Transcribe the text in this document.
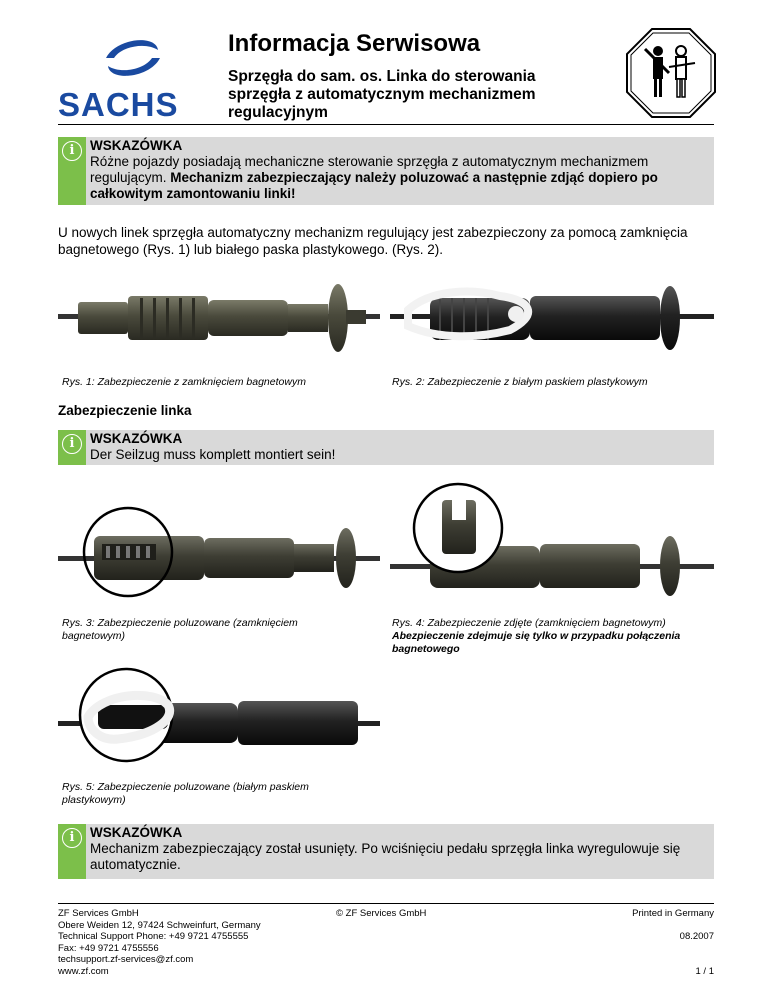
SACHS
Informacja Serwisowa
Sprzęgła do sam. os. Linka do sterowania
sprzęgła z automatycznym mechanizmem
regulacyjnym
i	WSKAZÓWKA
Różne pojazdy posiadają mechaniczne sterowanie sprzęgła z automatycznym mechanizmem regulującym. Mechanizm zabezpieczający należy poluzować a następnie zdjąć dopiero po całkowitym zamontowaniu linki!
U nowych linek sprzęgła automatyczny mechanizm regulujący jest zabezpieczony za pomocą zamknięcia bagnetowego (Rys. 1) lub białego paska plastykowego. (Rys. 2).
Rys. 1: Zabezpieczenie z zamknięciem bagnetowym	Rys. 2: Zabezpieczenie z białym paskiem plastykowym
Zabezpieczenie linka
i	WSKAZÓWKA
Der Seilzug muss komplett montiert sein!
Rys. 3: Zabezpieczenie poluzowane (zamknięciem bagnetowym)
Rys. 4: Zabezpieczenie zdjęte (zamknięciem bagnetowym) Abezpieczenie zdejmuje się tylko w przypadku połączenia bagnetowego
Rys. 5: Zabezpieczenie poluzowane (białym paskiem plastykowym)
i	WSKAZÓWKA
Mechanizm zabezpieczający został usunięty. Po wciśnięciu pedału sprzęgła linka wyregulowuje się automatycznie.
ZF Services GmbH
Obere Weiden 12, 97424 Schweinfurt, Germany
Technical Support Phone: +49 9721 4755555
Fax: +49 9721 4755556
techsupport.zf-services@zf.com
www.zf.com
© ZF Services GmbH	Printed in Germany
08.2007
1 / 1
